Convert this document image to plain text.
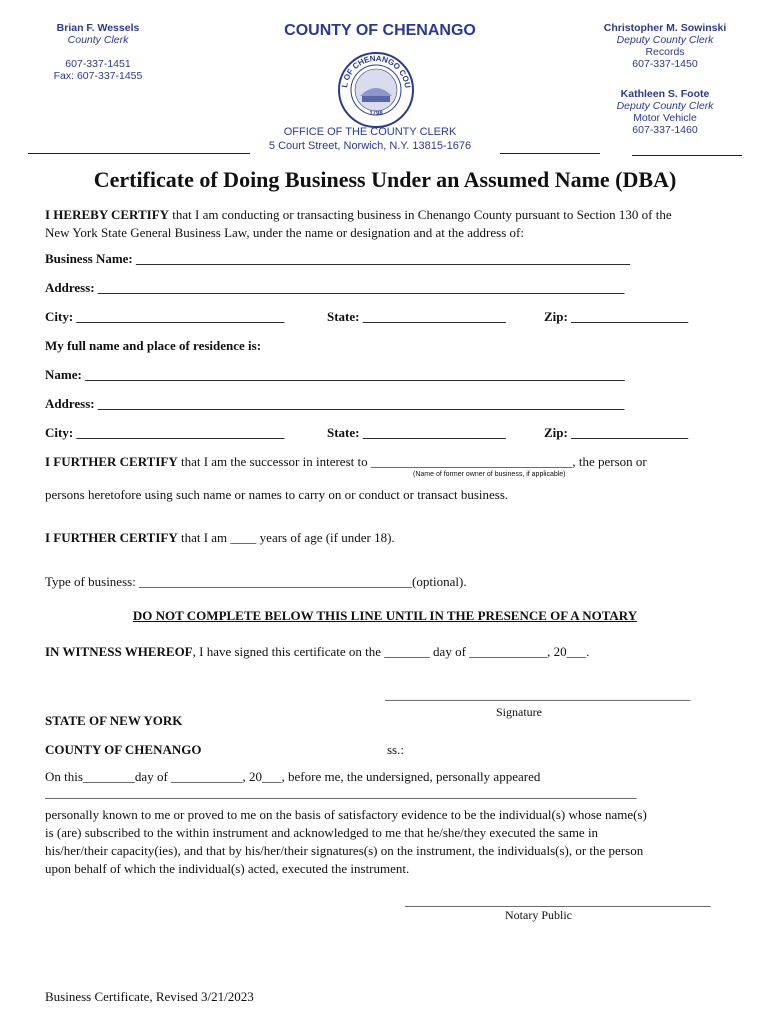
Brian F. Wessels
County Clerk
607-337-1451
Fax: 607-337-1455
COUNTY OF CHENANGO
L OF CHENANGO COU
1798
OFFICE OF THE COUNTY CLERK
5 Court Street, Norwich, N.Y. 13815-1676
Christopher M. Sowinski
Deputy County Clerk
Records
607-337-1450
Kathleen S. Foote
Deputy County Clerk
Motor Vehicle
607-337-1460
Certificate of Doing Business Under an Assumed Name (DBA)
I HEREBY CERTIFY that I am conducting or transacting business in Chenango County pursuant to Section 130 of the
New York State General Business Law, under the name or designation and at the address of:
Business Name: ____________________________________________________________________________
Address: _________________________________________________________________________________
City: ________________________________	State: ______________________	Zip: __________________
My full name and place of residence is:
Name: ___________________________________________________________________________________
Address: _________________________________________________________________________________
City: ________________________________	State: ______________________	Zip: __________________
I FURTHER CERTIFY that I am the successor in interest to _______________________________, the person or
(Name of former owner of business, if applicable)
persons heretofore using such name or names to carry on or conduct or transact business.
I FURTHER CERTIFY that I am ____ years of age (if under 18).
Type of business: __________________________________________(optional).
DO NOT COMPLETE BELOW THIS LINE UNTIL IN THE PRESENCE OF A NOTARY
IN WITNESS WHEREOF, I have signed this certificate on the _______ day of ____________, 20___.
_______________________________________________
Signature
STATE OF NEW YORK
COUNTY OF CHENANGO	ss.:
On this________day of ___________, 20___, before me, the undersigned, personally appeared
___________________________________________________________________________________________
personally known to me or proved to me on the basis of satisfactory evidence to be the individual(s) whose name(s)
is (are) subscribed to the within instrument and acknowledged to me that he/she/they executed the same in
his/her/their capacity(ies), and that by his/her/their signatures(s) on the instrument, the individuals(s), or the person
upon behalf of which the individual(s) acted, executed the instrument.
_______________________________________________
Notary Public
Business Certificate, Revised 3/21/2023
